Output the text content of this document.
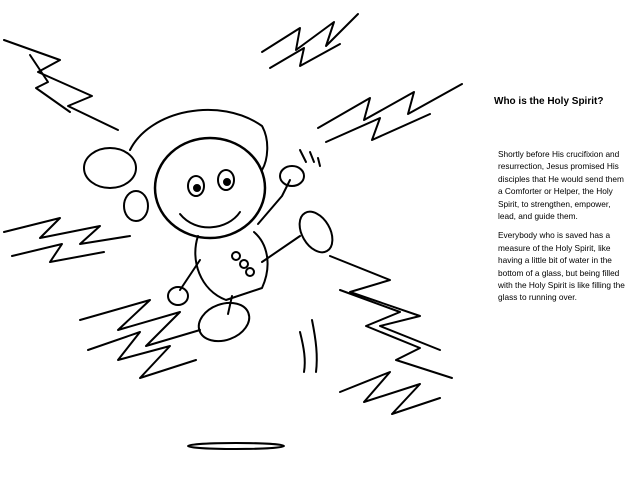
Who is the Holy Spirit?

Shortly before His crucifixion and resurrection, Jesus promised His disciples that He would send them a Comforter or Helper, the Holy Spirit, to strengthen, empower, lead, and guide them.

Everybody who is saved has a measure of the Holy Spirit, like having a little bit of water in the bottom of a glass, but being filled with the Holy Spirit is like filling the glass to running over.
